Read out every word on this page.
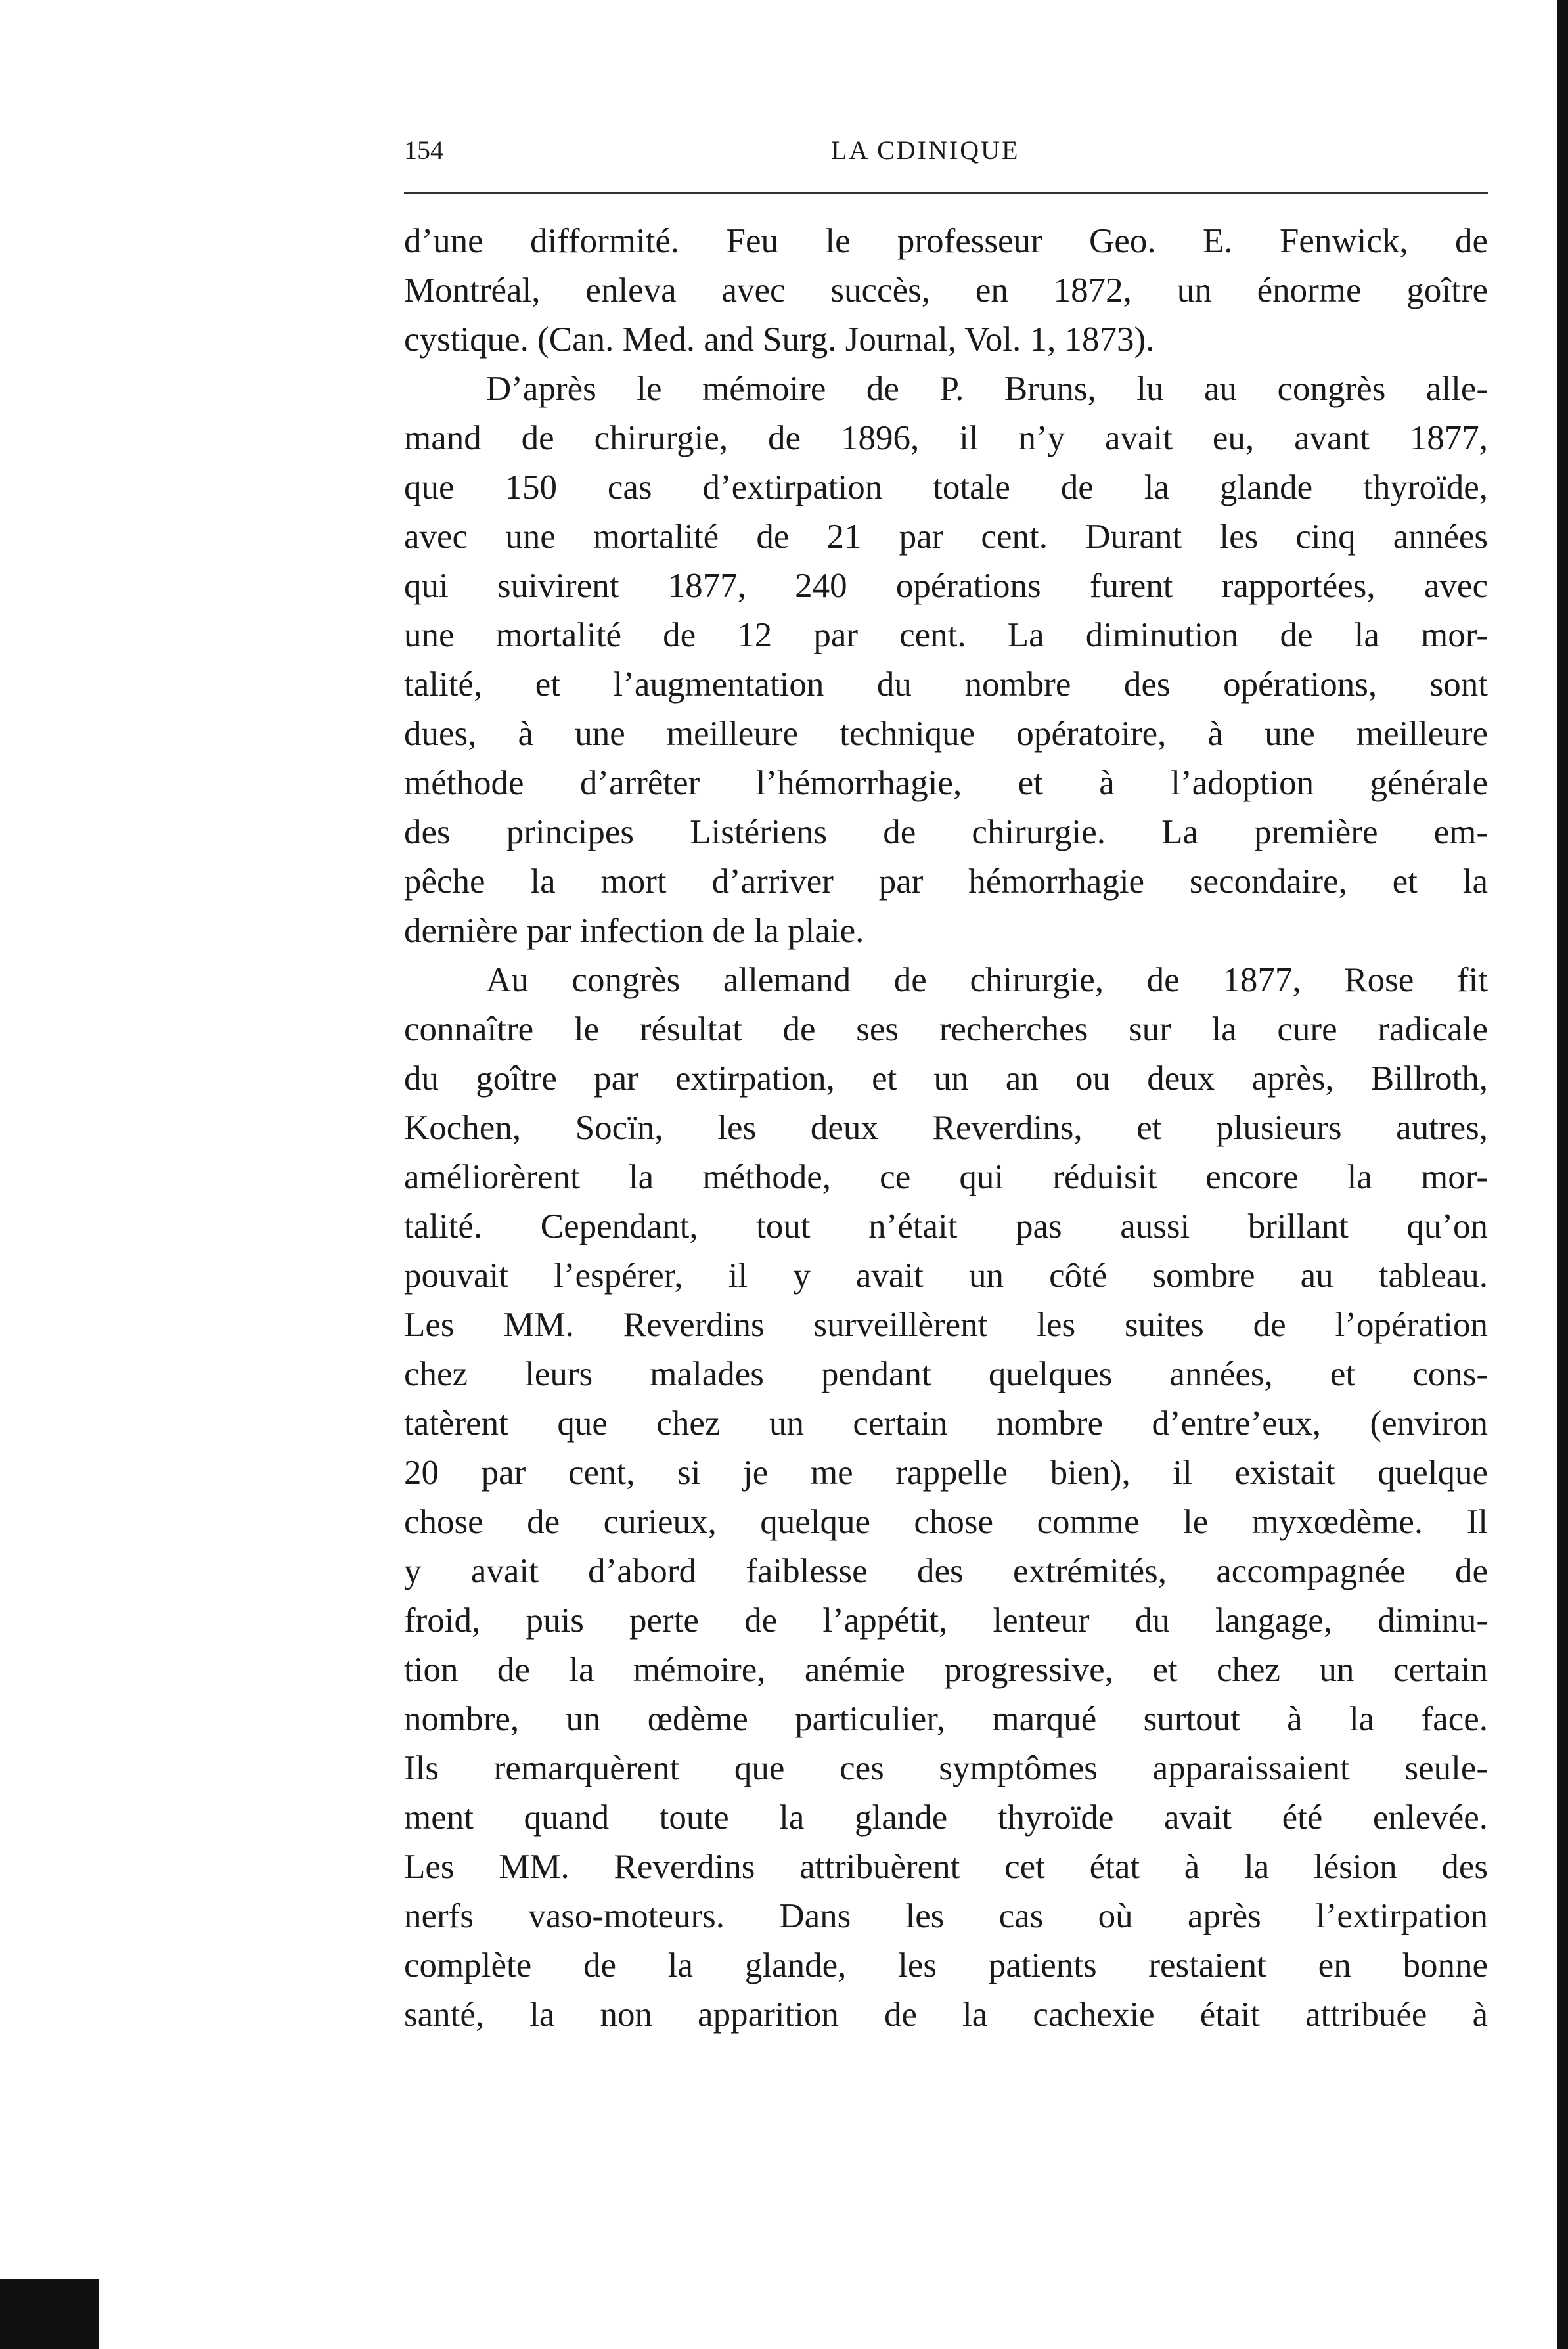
154	LA CDINIQUE
d’une difformité. Feu le professeur Geo. E. Fenwick, de
Montréal, enleva avec succès, en 1872, un énorme goître
cystique. (Can. Med. and Surg. Journal, Vol. 1, 1873).
D’après le mémoire de P. Bruns, lu au congrès alle-
mand de chirurgie, de 1896, il n’y avait eu, avant 1877,
que 150 cas d’extirpation totale de la glande thyroïde,
avec une mortalité de 21 par cent. Durant les cinq années
qui suivirent 1877, 240 opérations furent rapportées, avec
une mortalité de 12 par cent. La diminution de la mor-
talité, et l’augmentation du nombre des opérations, sont
dues, à une meilleure technique opératoire, à une meilleure
méthode d’arrêter l’hémorrhagie, et à l’adoption générale
des principes Listériens de chirurgie. La première em-
pêche la mort d’arriver par hémorrhagie secondaire, et la
dernière par infection de la plaie.
Au congrès allemand de chirurgie, de 1877, Rose fit
connaître le résultat de ses recherches sur la cure radicale
du goître par extirpation, et un an ou deux après, Billroth,
Kochen, Socïn, les deux Reverdins, et plusieurs autres,
améliorèrent la méthode, ce qui réduisit encore la mor-
talité. Cependant, tout n’était pas aussi brillant qu’on
pouvait l’espérer, il y avait un côté sombre au tableau.
Les MM. Reverdins surveillèrent les suites de l’opération
chez leurs malades pendant quelques années, et cons-
tatèrent que chez un certain nombre d’entre’eux, (environ
20 par cent, si je me rappelle bien), il existait quelque
chose de curieux, quelque chose comme le myxœdème. Il
y avait d’abord faiblesse des extrémités, accompagnée de
froid, puis perte de l’appétit, lenteur du langage, diminu-
tion de la mémoire, anémie progressive, et chez un certain
nombre, un œdème particulier, marqué surtout à la face.
Ils remarquèrent que ces symptômes apparaissaient seule-
ment quand toute la glande thyroïde avait été enlevée.
Les MM. Reverdins attribuèrent cet état à la lésion des
nerfs vaso-moteurs. Dans les cas où après l’extirpation
complète de la glande, les patients restaient en bonne
santé, la non apparition de la cachexie était attribuée à
